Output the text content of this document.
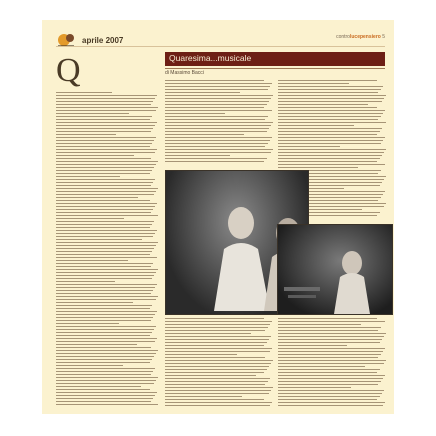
aprile 2007	controlucepensiero 5
Q	Quaresima...musicale
di Massimo Bacci
